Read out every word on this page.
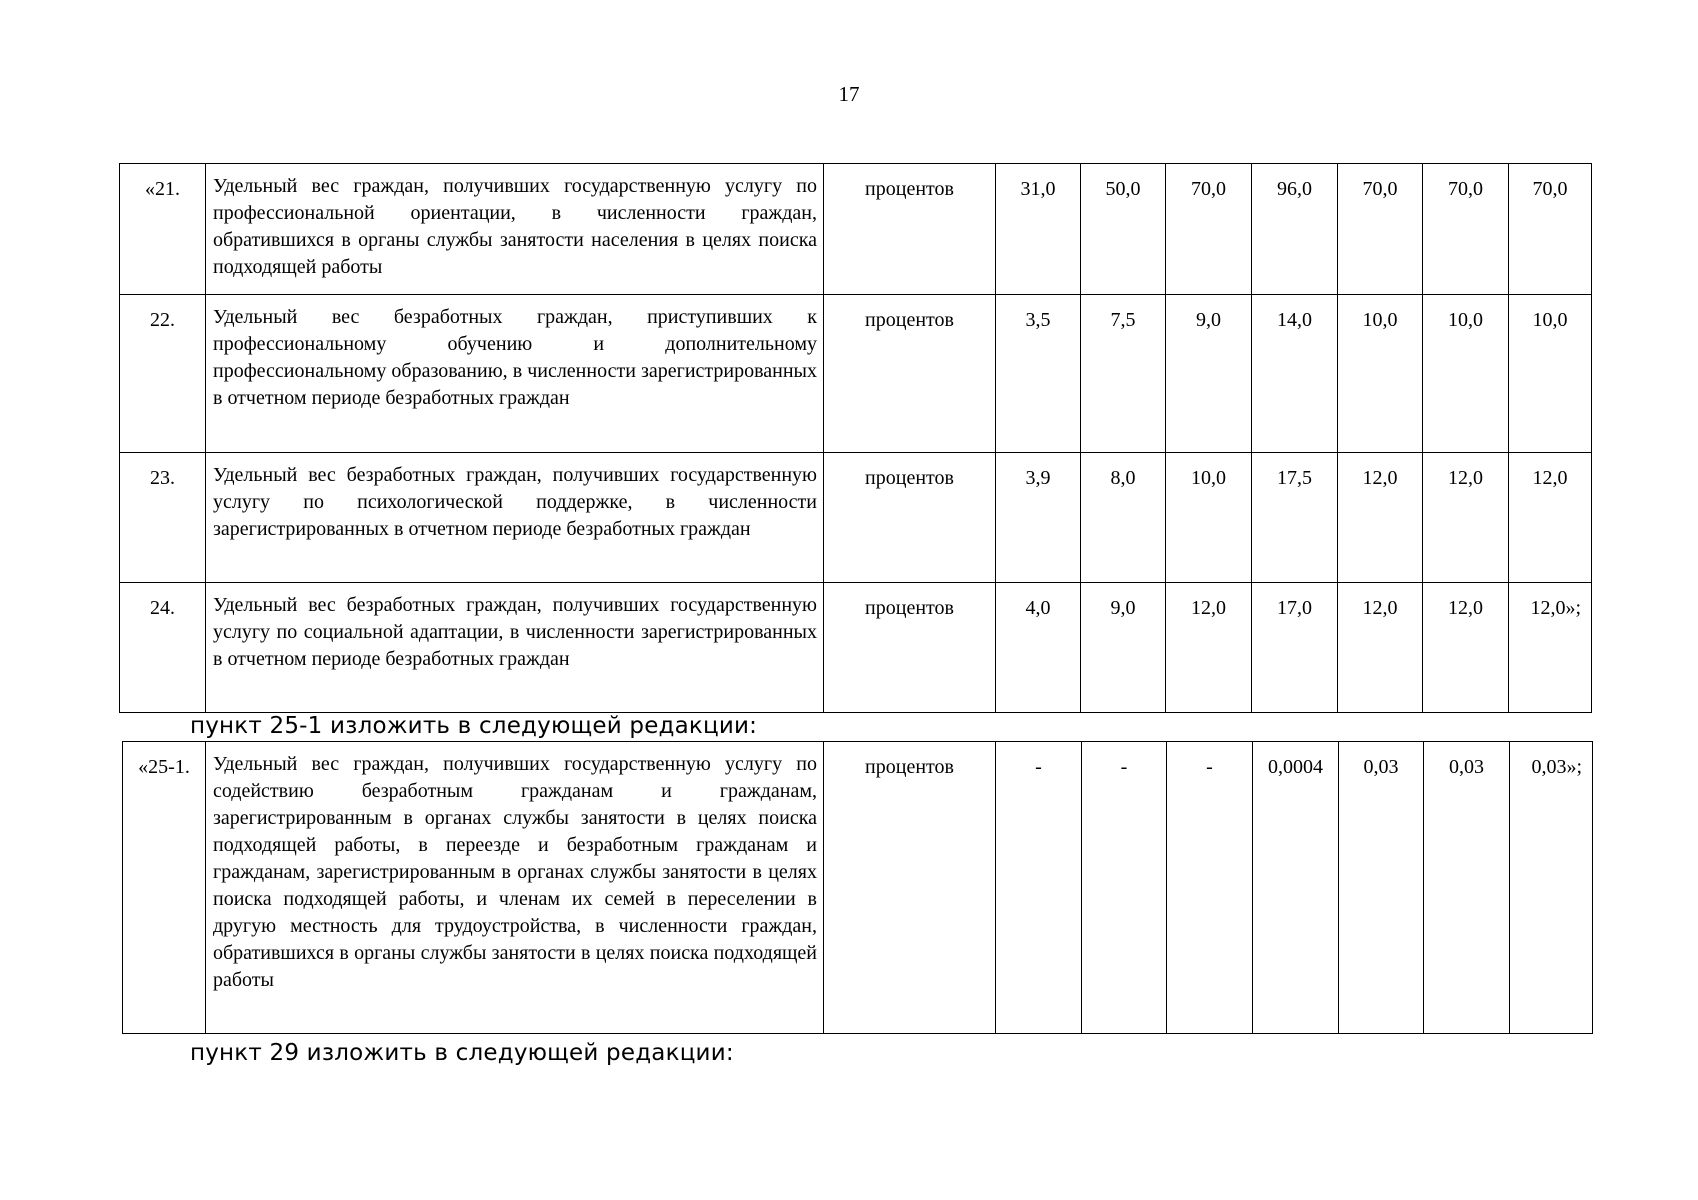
17
«21.	Удельный вес граждан, получивших государственную услугу по профессиональной ориентации, в численности граждан, обратившихся в органы службы занятости населения в целях поиска подходящей работы	процентов	31,0	50,0	70,0	96,0	70,0	70,0	70,0
22.	Удельный вес безработных граждан, приступивших к профессиональному обучению и дополнительному профессиональному образованию, в численности зарегистрированных в отчетном периоде безработных граждан	процентов	3,5	7,5	9,0	14,0	10,0	10,0	10,0
23.	Удельный вес безработных граждан, получивших государственную услугу по психологической поддержке, в численности зарегистрированных в отчетном периоде безработных граждан	процентов	3,9	8,0	10,0	17,5	12,0	12,0	12,0
24.	Удельный вес безработных граждан, получивших государственную услугу по социальной адаптации, в численности зарегистрированных в отчетном периоде безработных граждан	процентов	4,0	9,0	12,0	17,0	12,0	12,0	12,0»;
пункт 25-1 изложить в следующей редакции:
«25-1.	Удельный вес граждан, получивших государственную услугу по содействию безработным гражданам и гражданам, зарегистрированным в органах службы занятости в целях поиска подходящей работы, в переезде и безработным гражданам и гражданам, зарегистрированным в органах службы занятости в целях поиска подходящей работы, и членам их семей в переселении в другую местность для трудоустройства, в численности граждан, обратившихся в органы службы занятости в целях поиска подходящей работы	процентов	-	-	-	0,0004	0,03	0,03	0,03»;
пункт 29 изложить в следующей редакции:
